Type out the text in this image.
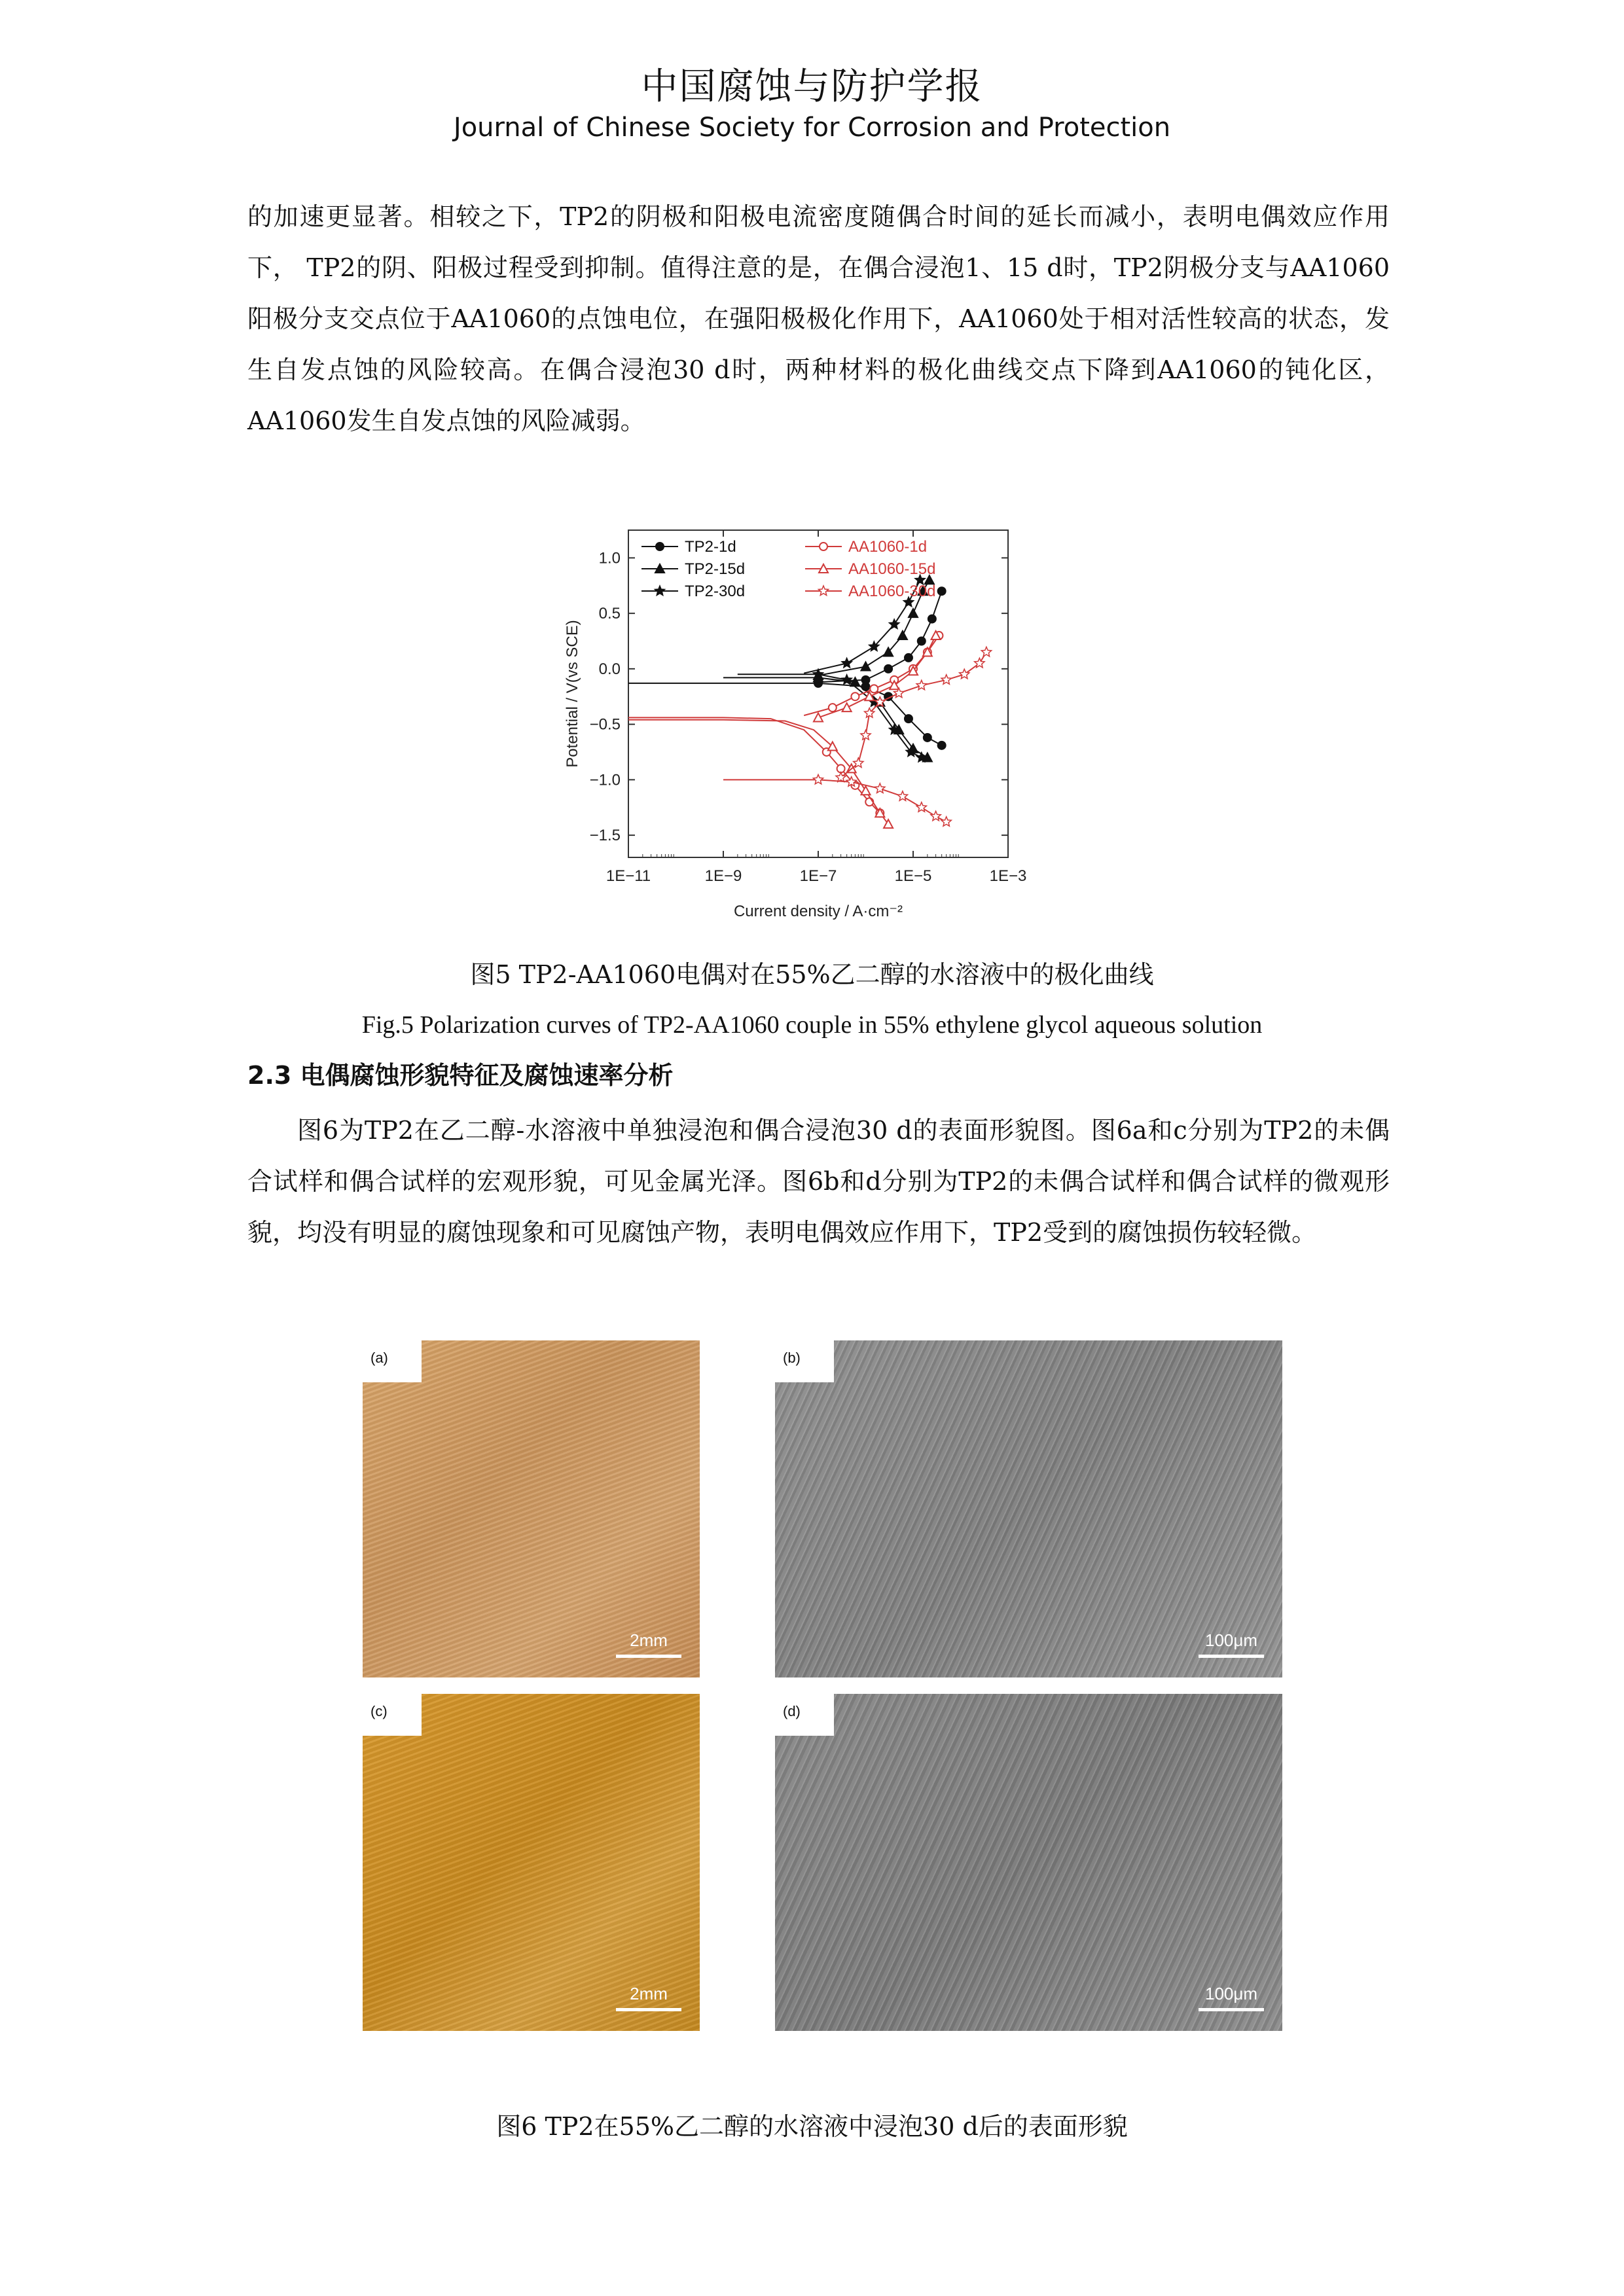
中国腐蚀与防护学报
Journal of Chinese Society for Corrosion and Protection

的加速更显著。相较之下，TP2的阴极和阳极电流密度随偶合时间的延长而减小，表明电偶效应作用下， TP2的阴、阳极过程受到抑制。值得注意的是，在偶合浸泡1、15 d时，TP2阴极分支与AA1060阳极分支交点位于AA1060的点蚀电位，在强阳极极化作用下，AA1060处于相对活性较高的状态，发生自发点蚀的风险较高。在偶合浸泡30 d时，两种材料的极化曲线交点下降到AA1060的钝化区，AA1060发生自发点蚀的风险减弱。

1E−11	1E−9	1E−7	1E−5	1E−3
1.0
0.5
0.0
−0.5
−1.0
−1.5
Current density / A·cm⁻²
Potential / V(vs SCE)
TP2-1d
TP2-15d
TP2-30d
AA1060-1d
AA1060-15d
AA1060-30d
图5 TP2-AA1060电偶对在55%乙二醇的水溶液中的极化曲线
Fig.5 Polarization curves of TP2-AA1060 couple in 55% ethylene glycol aqueous solution
2.3 电偶腐蚀形貌特征及腐蚀速率分析

图6为TP2在乙二醇-水溶液中单独浸泡和偶合浸泡30 d的表面形貌图。图6a和c分别为TP2的未偶合试样和偶合试样的宏观形貌，可见金属光泽。图6b和d分别为TP2的未偶合试样和偶合试样的微观形貌，均没有明显的腐蚀现象和可见腐蚀产物，表明电偶效应作用下，TP2受到的腐蚀损伤较轻微。

(a)
2mm
(b)
100μm
(c)
2mm
(d)
100μm
图6 TP2在55%乙二醇的水溶液中浸泡30 d后的表面形貌
